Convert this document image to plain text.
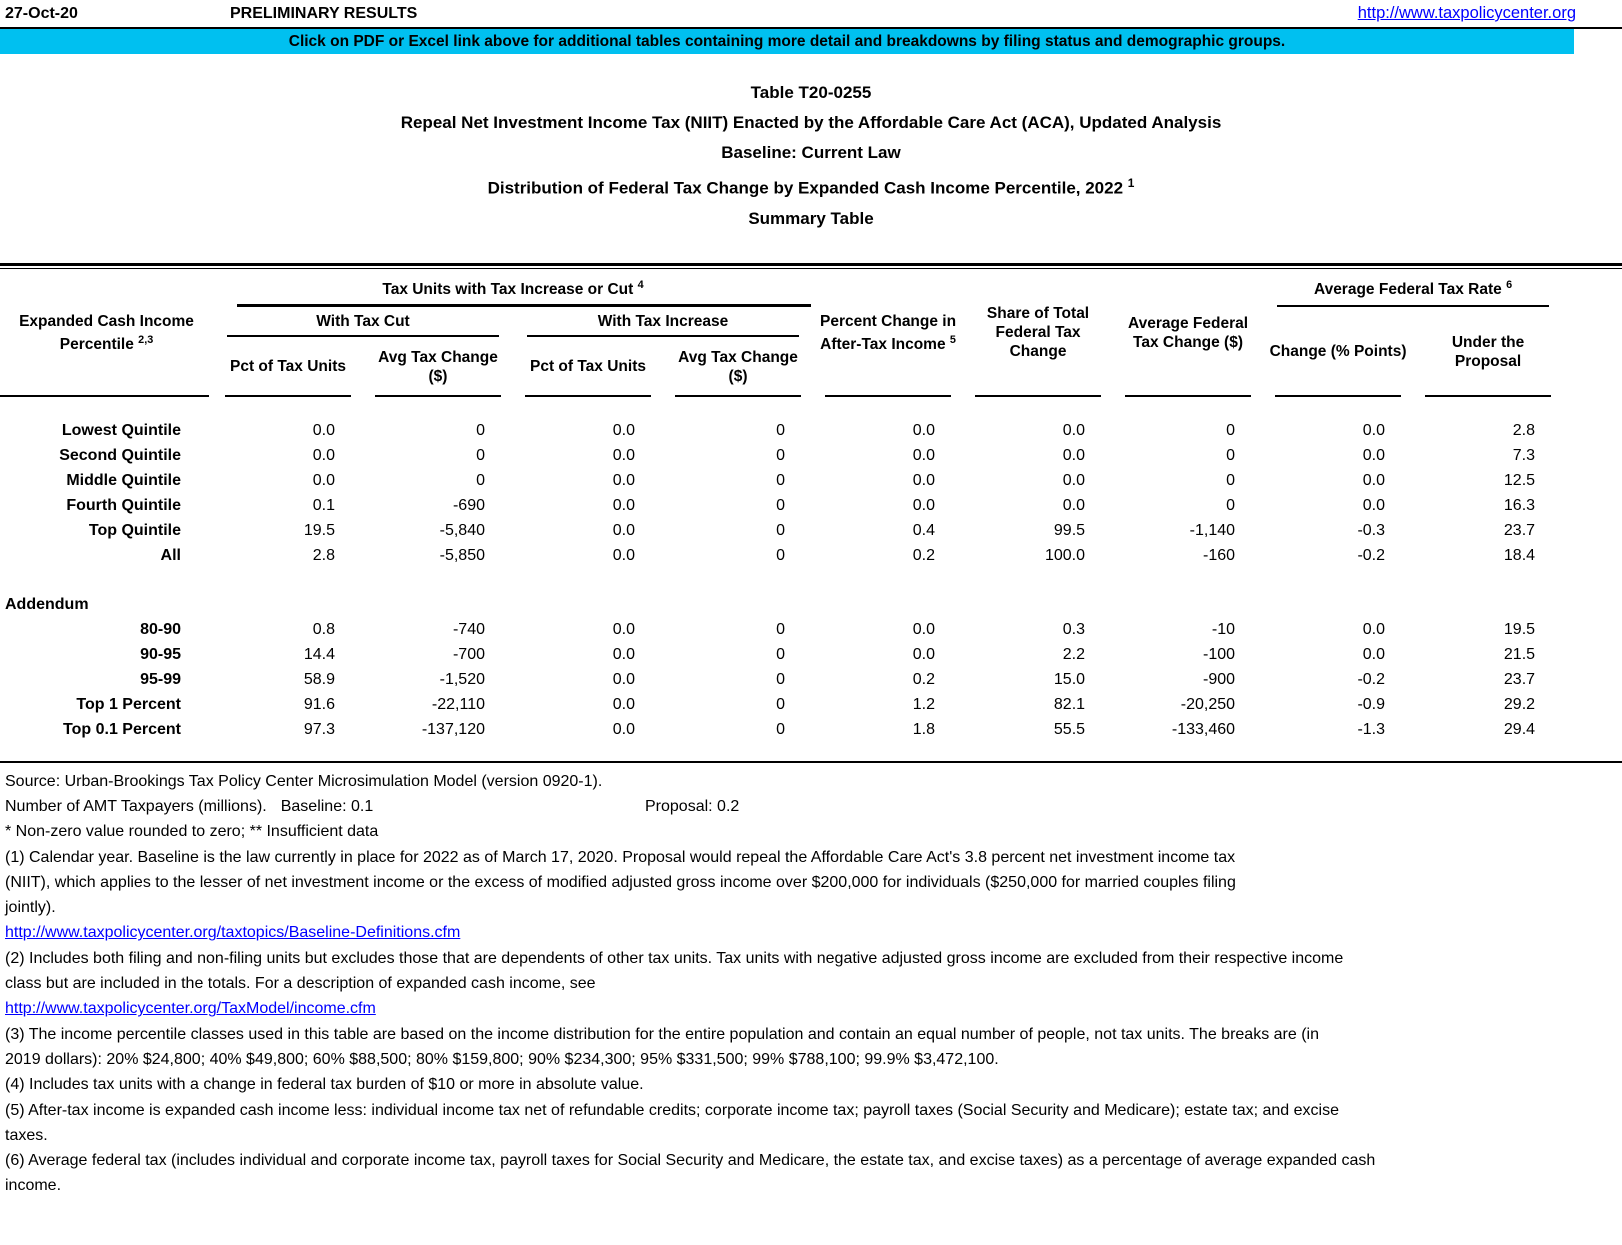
27-Oct-20	PRELIMINARY RESULTS	http://www.taxpolicycenter.org
Click on PDF or Excel link above for additional tables containing more detail and breakdowns by filing status and demographic groups.
Table T20-0255
Repeal Net Investment Income Tax (NIIT) Enacted by the Affordable Care Act (ACA), Updated Analysis
Baseline: Current Law
Distribution of Federal Tax Change by Expanded Cash Income Percentile, 2022 $^1$
Summary Table
Expanded Cash Income Percentile $^{2,3}$	Tax Units with Tax Increase or Cut $^4$				Percent Change in After-Tax Income $^5$	Share of Total Federal Tax Change	Average Federal Tax Change ($)	Average Federal Tax Rate $^6$	
	With Tax Cut		With Tax Increase					Change (% Points)	Under the Proposal	
	Pct of Tax Units	Avg Tax Change ($)	Pct of Tax Units	Avg Tax Change ($)						

Lowest Quintile	0.0	0	0.0	0	0.0	0.0	0	0.0	2.8	
Second Quintile	0.0	0	0.0	0	0.0	0.0	0	0.0	7.3	
Middle Quintile	0.0	0	0.0	0	0.0	0.0	0	0.0	12.5	
Fourth Quintile	0.1	-690	0.0	0	0.0	0.0	0	0.0	16.3	
Top Quintile	19.5	-5,840	0.0	0	0.4	99.5	-1,140	-0.3	23.7	
All	2.8	-5,850	0.0	0	0.2	100.0	-160	-0.2	18.4	

Addendum										
80-90	0.8	-740	0.0	0	0.0	0.3	-10	0.0	19.5	
90-95	14.4	-700	0.0	0	0.0	2.2	-100	0.0	21.5	
95-99	58.9	-1,520	0.0	0	0.2	15.0	-900	-0.2	23.7	
Top 1 Percent	91.6	-22,110	0.0	0	1.2	82.1	-20,250	-0.9	29.2	
Top 0.1 Percent	97.3	-137,120	0.0	0	1.8	55.5	-133,460	-1.3	29.4	
Source: Urban-Brookings Tax Policy Center Microsimulation Model (version 0920-1).
Number of AMT Taxpayers (millions). Baseline: 0.1	Proposal: 0.2
* Non-zero value rounded to zero; ** Insufficient data
(1) Calendar year. Baseline is the law currently in place for 2022 as of March 17, 2020. Proposal would repeal the Affordable Care Act's 3.8 percent net investment income tax
(NIIT), which applies to the lesser of net investment income or the excess of modified adjusted gross income over $200,000 for individuals ($250,000 for married couples filing
jointly).
http://www.taxpolicycenter.org/taxtopics/Baseline-Definitions.cfm
(2) Includes both filing and non-filing units but excludes those that are dependents of other tax units. Tax units with negative adjusted gross income are excluded from their respective income
class but are included in the totals. For a description of expanded cash income, see
http://www.taxpolicycenter.org/TaxModel/income.cfm
(3) The income percentile classes used in this table are based on the income distribution for the entire population and contain an equal number of people, not tax units. The breaks are (in
2019 dollars): 20% $24,800; 40% $49,800; 60% $88,500; 80% $159,800; 90% $234,300; 95% $331,500; 99% $788,100; 99.9% $3,472,100.
(4) Includes tax units with a change in federal tax burden of $10 or more in absolute value.
(5) After-tax income is expanded cash income less: individual income tax net of refundable credits; corporate income tax; payroll taxes (Social Security and Medicare); estate tax; and excise
taxes.
(6) Average federal tax (includes individual and corporate income tax, payroll taxes for Social Security and Medicare, the estate tax, and excise taxes) as a percentage of average expanded cash
income.
